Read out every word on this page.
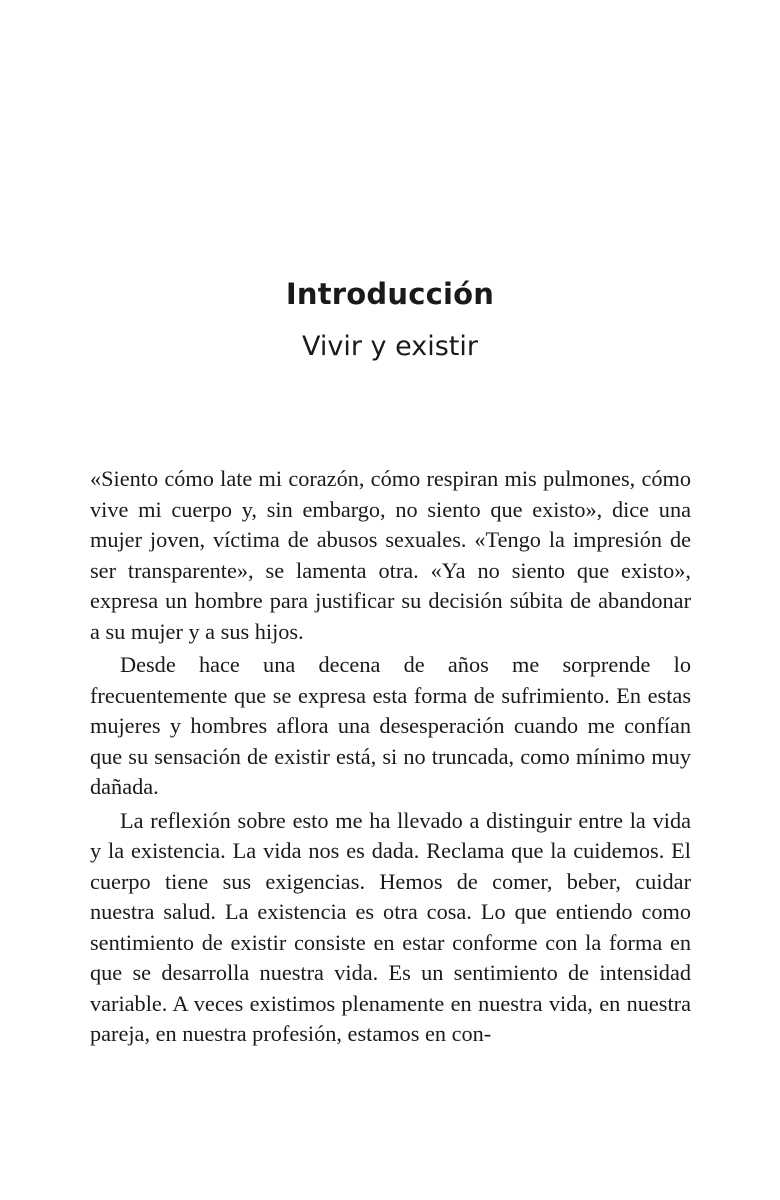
Introducción
Vivir y existir

«Siento cómo late mi corazón, cómo respiran mis pulmones, cómo vive mi cuerpo y, sin embargo, no siento que existo», dice una mujer joven, víctima de abusos sexuales. «Tengo la impresión de ser transparente», se lamenta otra. «Ya no siento que existo», expresa un hombre para justificar su decisión súbita de abandonar a su mujer y a sus hijos.

Desde hace una decena de años me sorprende lo frecuentemente que se expresa esta forma de sufrimiento. En estas mujeres y hombres aflora una desesperación cuando me confían que su sensación de existir está, si no truncada, como mínimo muy dañada.

La reflexión sobre esto me ha llevado a distinguir entre la vida y la existencia. La vida nos es dada. Reclama que la cuidemos. El cuerpo tiene sus exigencias. Hemos de comer, beber, cuidar nuestra salud. La existencia es otra cosa. Lo que entiendo como sentimiento de existir consiste en estar conforme con la forma en que se desarrolla nuestra vida. Es un sentimiento de intensidad variable. A veces existimos plenamente en nuestra vida, en nuestra pareja, en nuestra profesión, estamos en con-
